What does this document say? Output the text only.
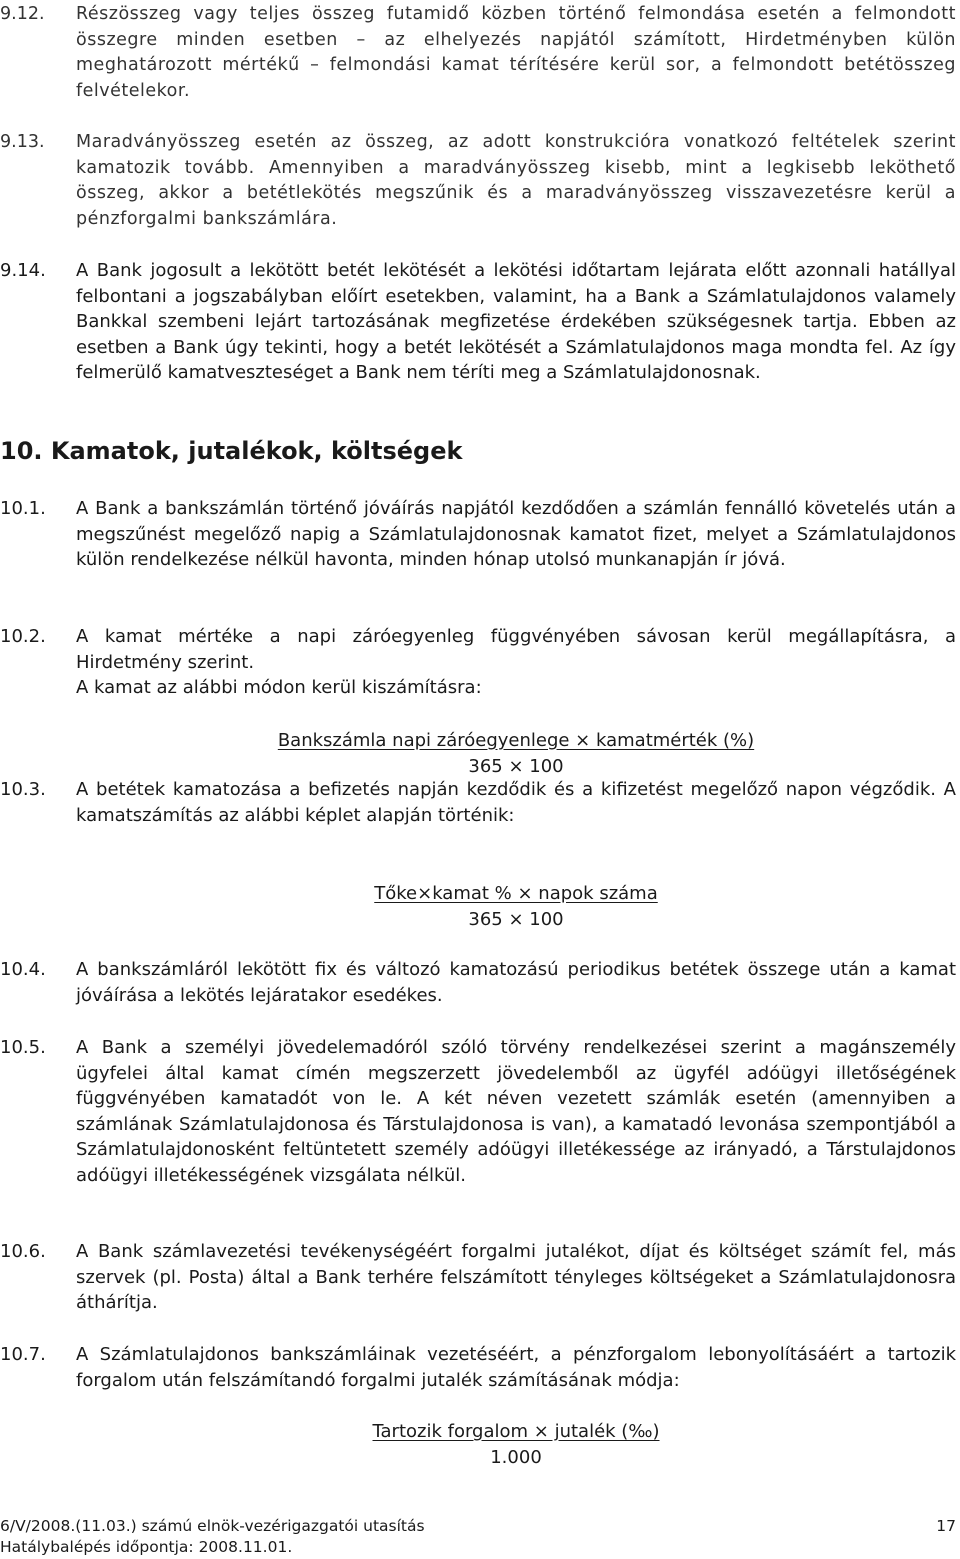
9.12. Részösszeg vagy teljes összeg futamidő közben történő felmondása esetén a felmondott összegre minden esetben – az elhelyezés napjától számított, Hirdetményben külön meghatározott mértékű – felmondási kamat térítésére kerül sor, a felmondott betétösszeg felvételekor.
9.13. Maradványösszeg esetén az összeg, az adott konstrukcióra vonatkozó feltételek szerint kamatozik tovább. Amennyiben a maradványösszeg kisebb, mint a legkisebb leköthető összeg, akkor a betétlekötés megszűnik és a maradványösszeg visszavezetésre kerül a pénzforgalmi bankszámlára.
9.14. A Bank jogosult a lekötött betét lekötését a lekötési időtartam lejárata előtt azonnali hatállyal felbontani a jogszabályban előírt esetekben, valamint, ha a Bank a Számlatulajdonos valamely Bankkal szembeni lejárt tartozásának megfizetése érdekében szükségesnek tartja. Ebben az esetben a Bank úgy tekinti, hogy a betét lekötését a Számlatulajdonos maga mondta fel. Az így felmerülő kamatveszteséget a Bank nem téríti meg a Számlatulajdonosnak.
10. Kamatok, jutalékok, költségek
10.1. A Bank a bankszámlán történő jóváírás napjától kezdődően a számlán fennálló követelés után a megszűnést megelőző napig a Számlatulajdonosnak kamatot fizet, melyet a Számlatulajdonos külön rendelkezése nélkül havonta, minden hónap utolsó munkanapján ír jóvá.
10.2. A kamat mértéke a napi záróegyenleg függvényében sávosan kerül megállapításra, a Hirdetmény szerint.
A kamat az alábbi módon kerül kiszámításra:
Bankszámla napi záróegyenlege × kamatmérték (%)
365 × 100
10.3. A betétek kamatozása a befizetés napján kezdődik és a kifizetést megelőző napon végződik. A kamatszámítás az alábbi képlet alapján történik:
Tőke×kamat % × napok száma
365 × 100
10.4. A bankszámláról lekötött fix és változó kamatozású periodikus betétek összege után a kamat jóváírása a lekötés lejáratakor esedékes.
10.5. A Bank a személyi jövedelemadóról szóló törvény rendelkezései szerint a magánszemély ügyfelei által kamat címén megszerzett jövedelemből az ügyfél adóügyi illetőségének függvényében kamatadót von le. A két néven vezetett számlák esetén (amennyiben a számlának Számlatulajdonosa és Társtulajdonosa is van), a kamatadó levonása szempontjából a Számlatulajdonosként feltüntetett személy adóügyi illetékessége az irányadó, a Társtulajdonos adóügyi illetékességének vizsgálata nélkül.
10.6. A Bank számlavezetési tevékenységéért forgalmi jutalékot, díjat és költséget számít fel, más szervek (pl. Posta) által a Bank terhére felszámított tényleges költségeket a Számlatulajdonosra áthárítja.
10.7. A Számlatulajdonos bankszámláinak vezetéséért, a pénzforgalom lebonyolításáért a tartozik forgalom után felszámítandó forgalmi jutalék számításának módja:
Tartozik forgalom × jutalék (‰)
1.000
6/V/2008.(11.03.) számú elnök-vezérigazgatói utasítás
Hatálybalépés időpontja: 2008.11.01.
17
